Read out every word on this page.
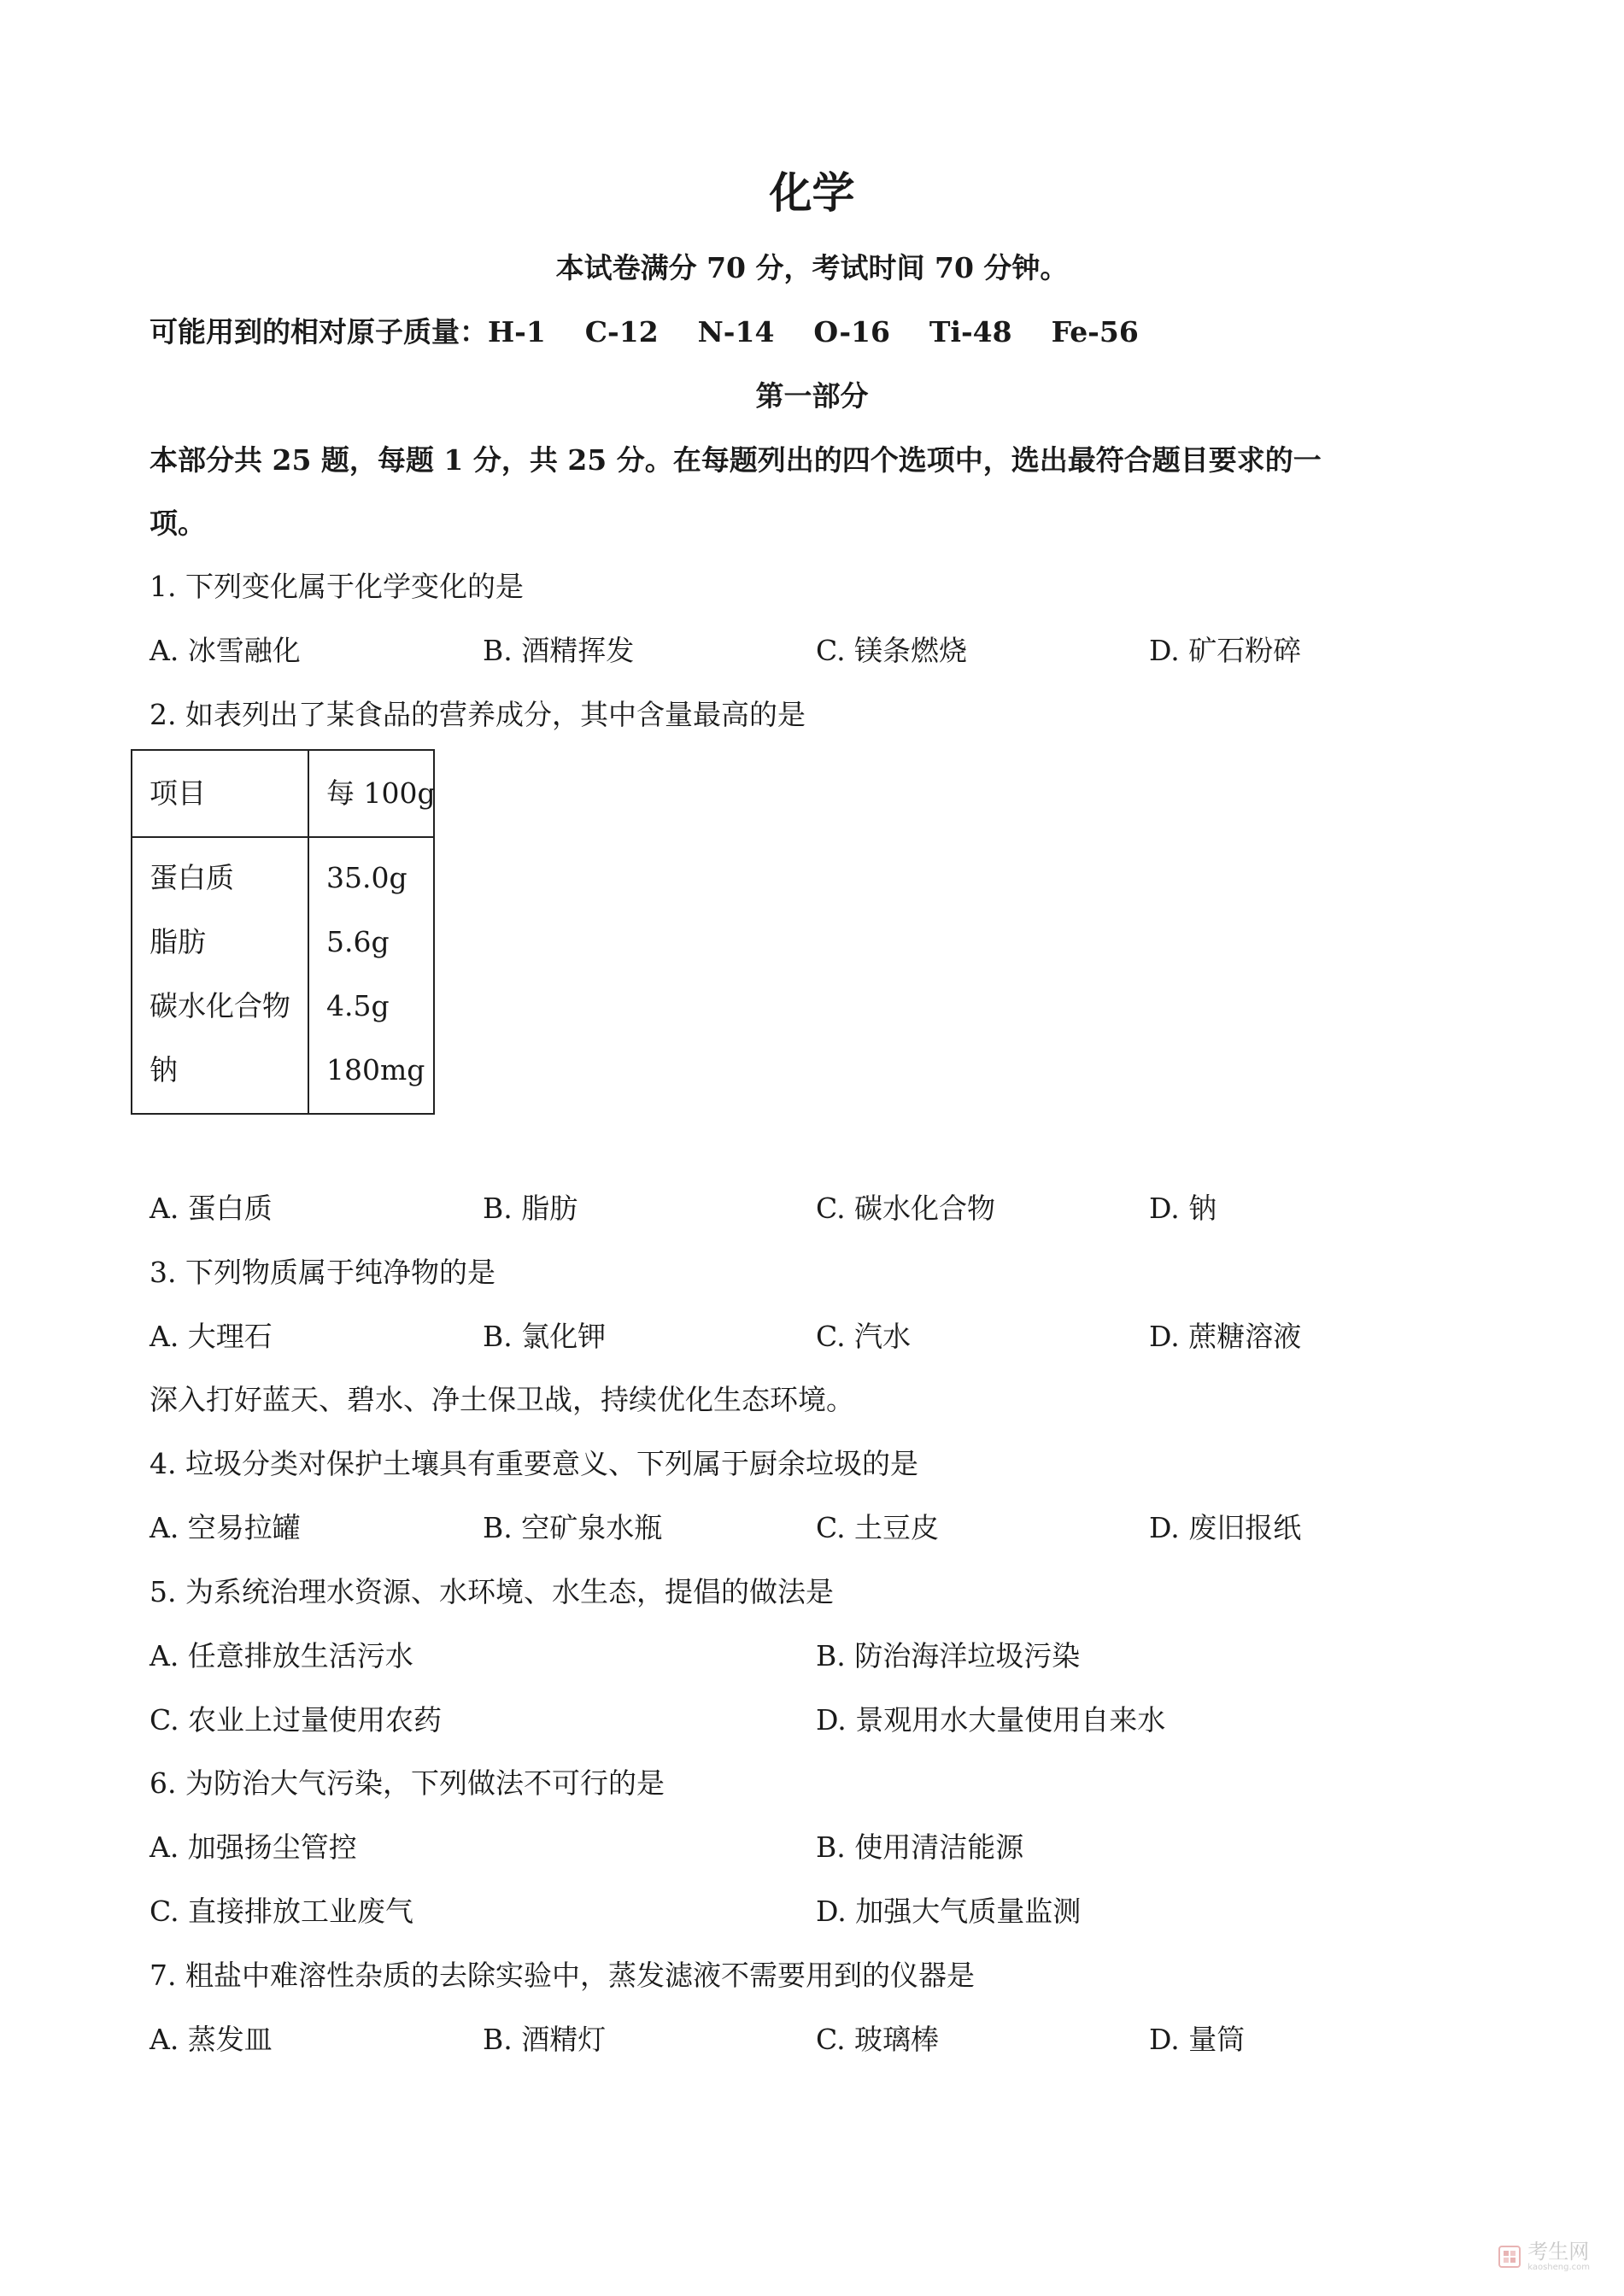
化学
本试卷满分 70 分，考试时间 70 分钟。
可能用到的相对原子质量：H-1    C-12    N-14    O-16    Ti-48    Fe-56
第一部分
本部分共 25 题，每题 1 分，共 25 分。在每题列出的四个选项中，选出最符合题目要求的一
项。
1. 下列变化属于化学变化的是
A. 冰雪融化	B. 酒精挥发	C. 镁条燃烧	D. 矿石粉碎
2. 如表列出了某食品的营养成分，其中含量最高的是
项目	每 100g
蛋白质	35.0g
脂肪	5.6g
碳水化合物 4.5g
钠	180mg
A. 蛋白质	B. 脂肪	C. 碳水化合物	D. 钠
3. 下列物质属于纯净物的是
A. 大理石	B. 氯化钾	C. 汽水	D. 蔗糖溶液
深入打好蓝天、碧水、净土保卫战，持续优化生态环境。
4. 垃圾分类对保护土壤具有重要意义、下列属于厨余垃圾的是
A. 空易拉罐	B. 空矿泉水瓶	C. 土豆皮	D. 废旧报纸
5. 为系统治理水资源、水环境、水生态，提倡的做法是
A. 任意排放生活污水	B. 防治海洋垃圾污染
C. 农业上过量使用农药	D. 景观用水大量使用自来水
6. 为防治大气污染，下列做法不可行的是
A. 加强扬尘管控	B. 使用清洁能源
C. 直接排放工业废气	D. 加强大气质量监测
7. 粗盐中难溶性杂质的去除实验中，蒸发滤液不需要用到的仪器是
A. 蒸发皿	B. 酒精灯	C. 玻璃棒	D. 量筒
考生网
kaosheng.com
